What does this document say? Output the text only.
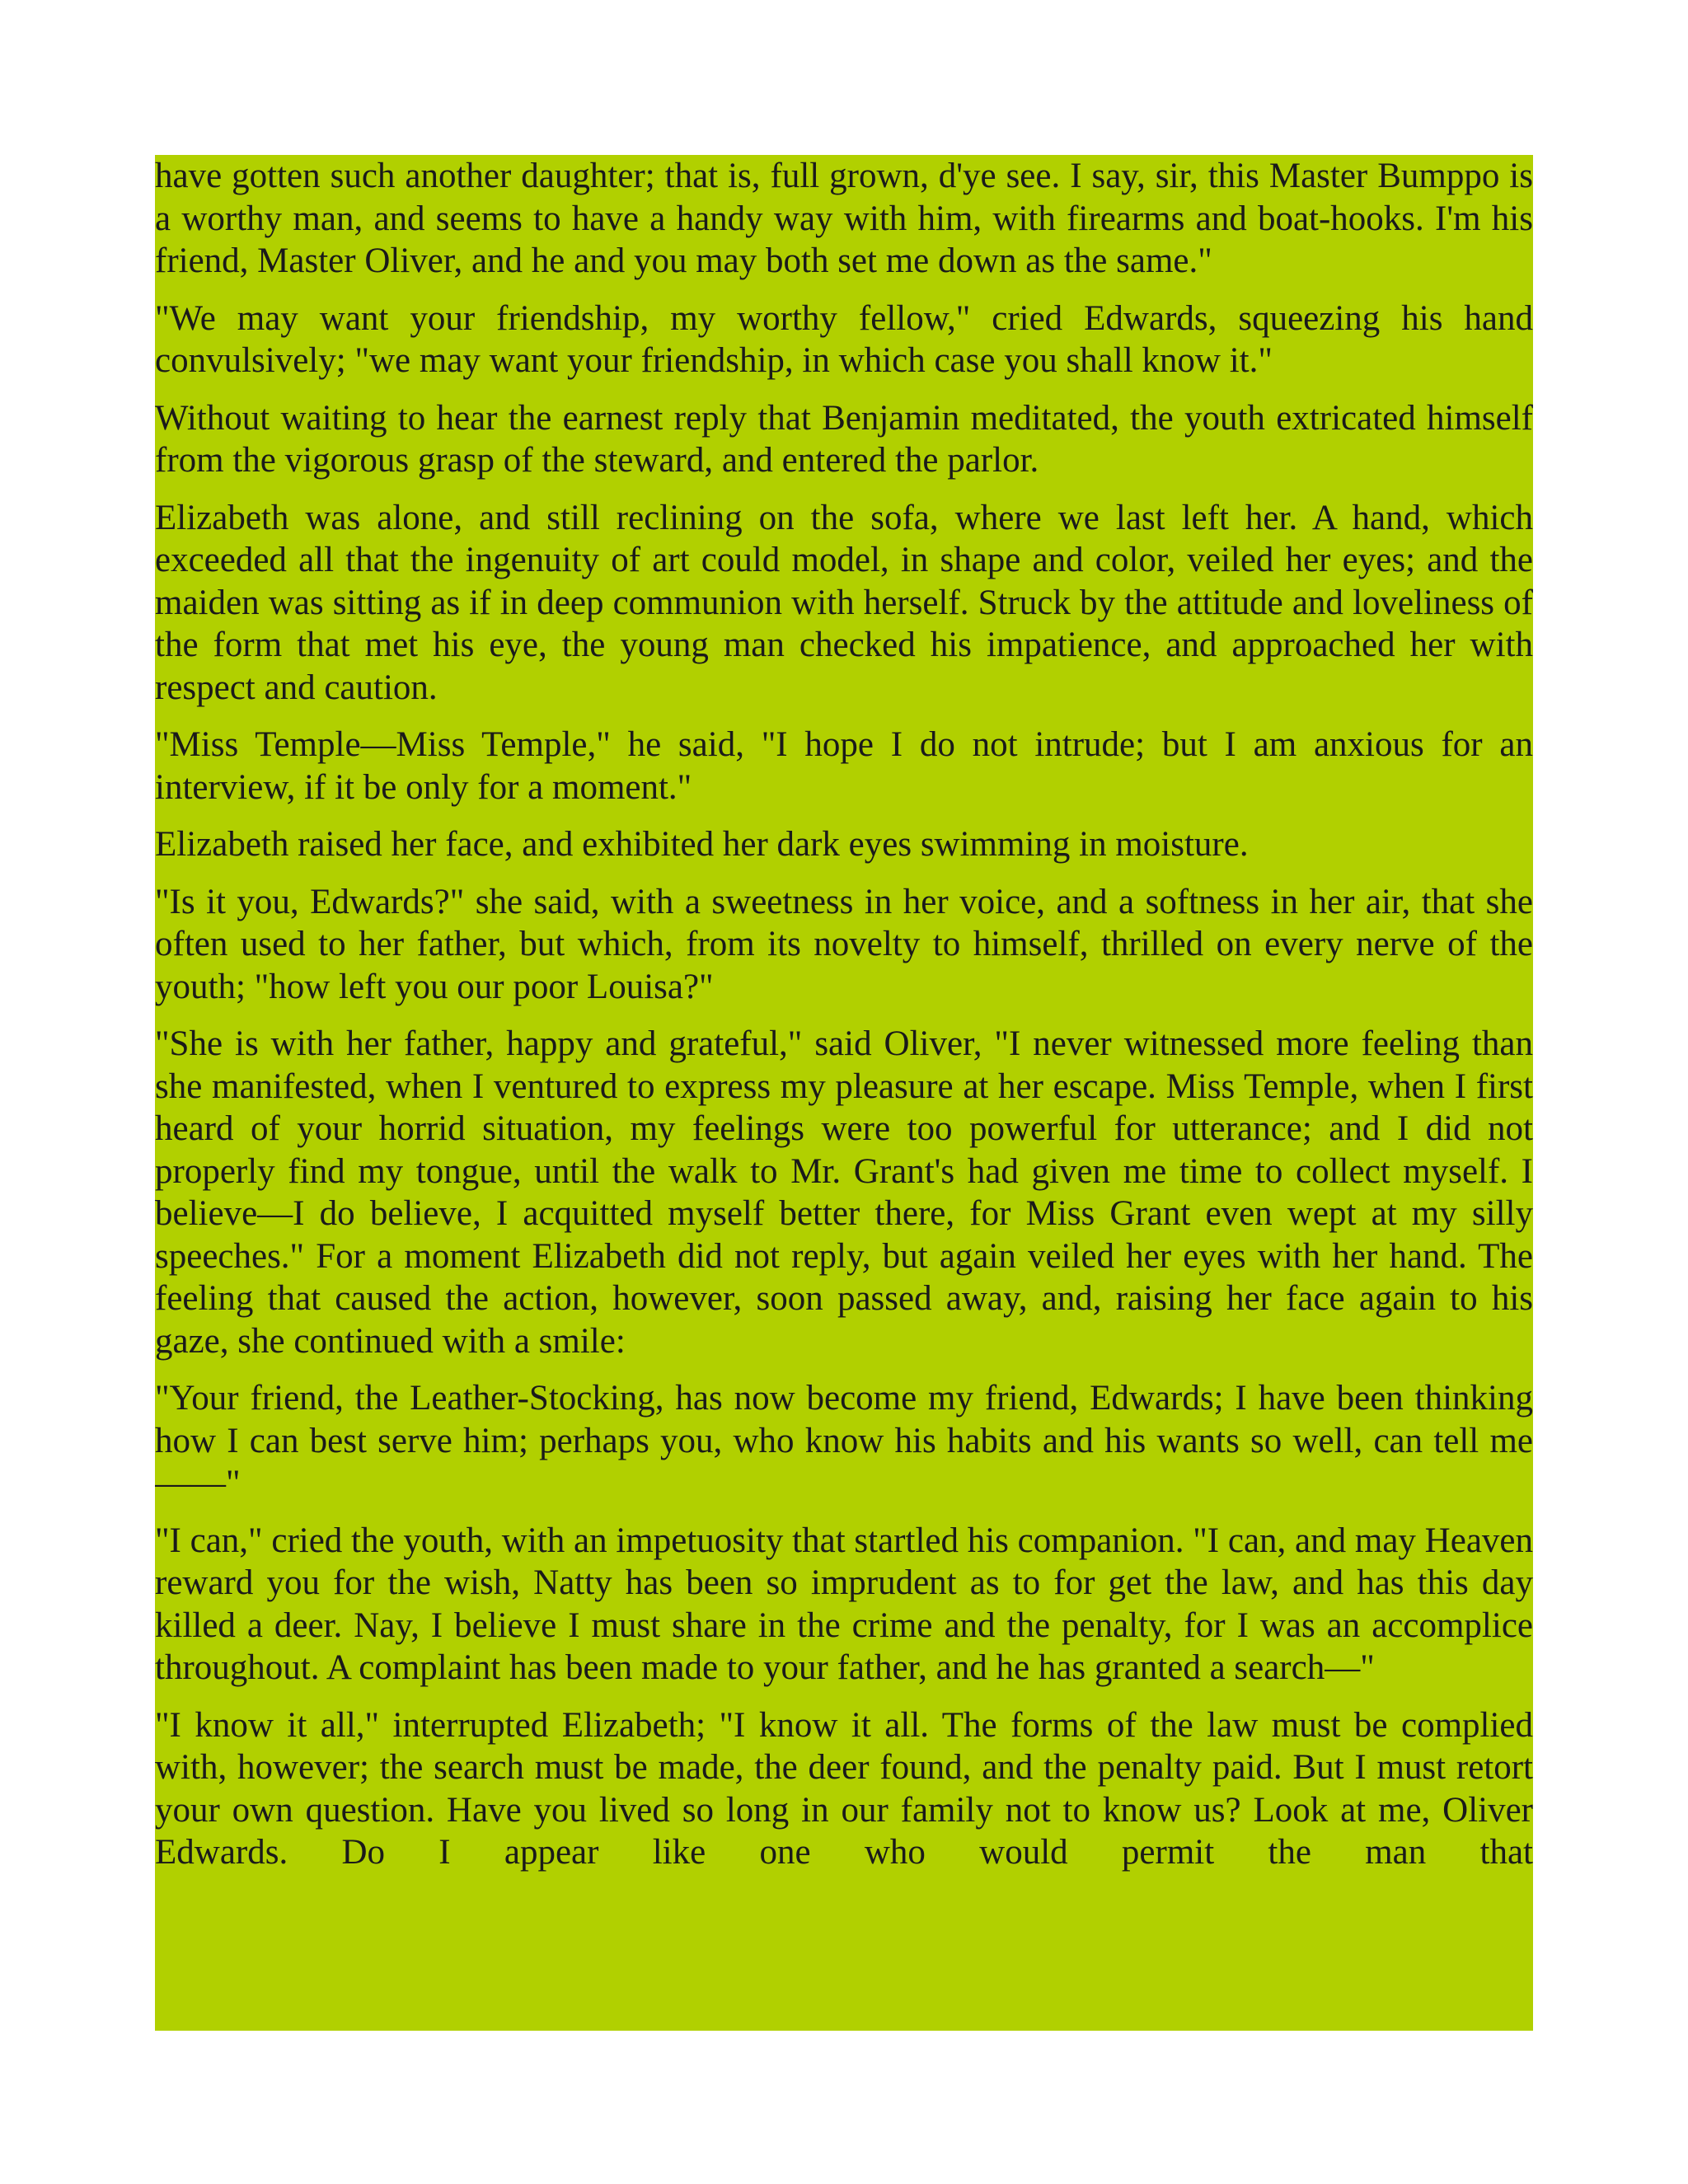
have gotten such another daughter; that is, full grown, d'ye see. I say, sir, this Master Bumppo is a worthy man, and seems to have a handy way with him, with firearms and boat-hooks. I'm his friend, Master Oliver, and he and you may both set me down as the same."

"We may want your friendship, my worthy fellow," cried Edwards, squeezing his hand convulsively; "we may want your friendship, in which case you shall know it."

Without waiting to hear the earnest reply that Benjamin meditated, the youth extricated himself from the vigorous grasp of the steward, and entered the parlor.

Elizabeth was alone, and still reclining on the sofa, where we last left her. A hand, which exceeded all that the ingenuity of art could model, in shape and color, veiled her eyes; and the maiden was sitting as if in deep communion with herself. Struck by the attitude and loveliness of the form that met his eye, the young man checked his impatience, and approached her with respect and caution.

"Miss Temple—Miss Temple," he said, "I hope I do not intrude; but I am anxious for an interview, if it be only for a moment."

Elizabeth raised her face, and exhibited her dark eyes swimming in moisture.

"Is it you, Edwards?" she said, with a sweetness in her voice, and a softness in her air, that she often used to her father, but which, from its novelty to himself, thrilled on every nerve of the youth; "how left you our poor Louisa?"

"She is with her father, happy and grateful," said Oliver, "I never witnessed more feeling than she manifested, when I ventured to express my pleasure at her escape. Miss Temple, when I first heard of your horrid situation, my feelings were too powerful for utterance; and I did not properly find my tongue, until the walk to Mr. Grant's had given me time to collect myself. I believe—I do believe, I acquitted myself better there, for Miss Grant even wept at my silly speeches." For a moment Elizabeth did not reply, but again veiled her eyes with her hand. The feeling that caused the action, however, soon passed away, and, raising her face again to his gaze, she continued with a smile:

"Your friend, the Leather-Stocking, has now become my friend, Edwards; I have been thinking how I can best serve him; perhaps you, who know his habits and his wants so well, can tell me——"

"I can," cried the youth, with an impetuosity that startled his companion. "I can, and may Heaven reward you for the wish, Natty has been so imprudent as to for get the law, and has this day killed a deer. Nay, I believe I must share in the crime and the penalty, for I was an accomplice throughout. A complaint has been made to your father, and he has granted a search—"

"I know it all," interrupted Elizabeth; "I know it all. The forms of the law must be complied with, however; the search must be made, the deer found, and the penalty paid. But I must retort your own question. Have you lived so long in our family not to know us? Look at me, Oliver Edwards. Do I appear like one who would permit the man that
